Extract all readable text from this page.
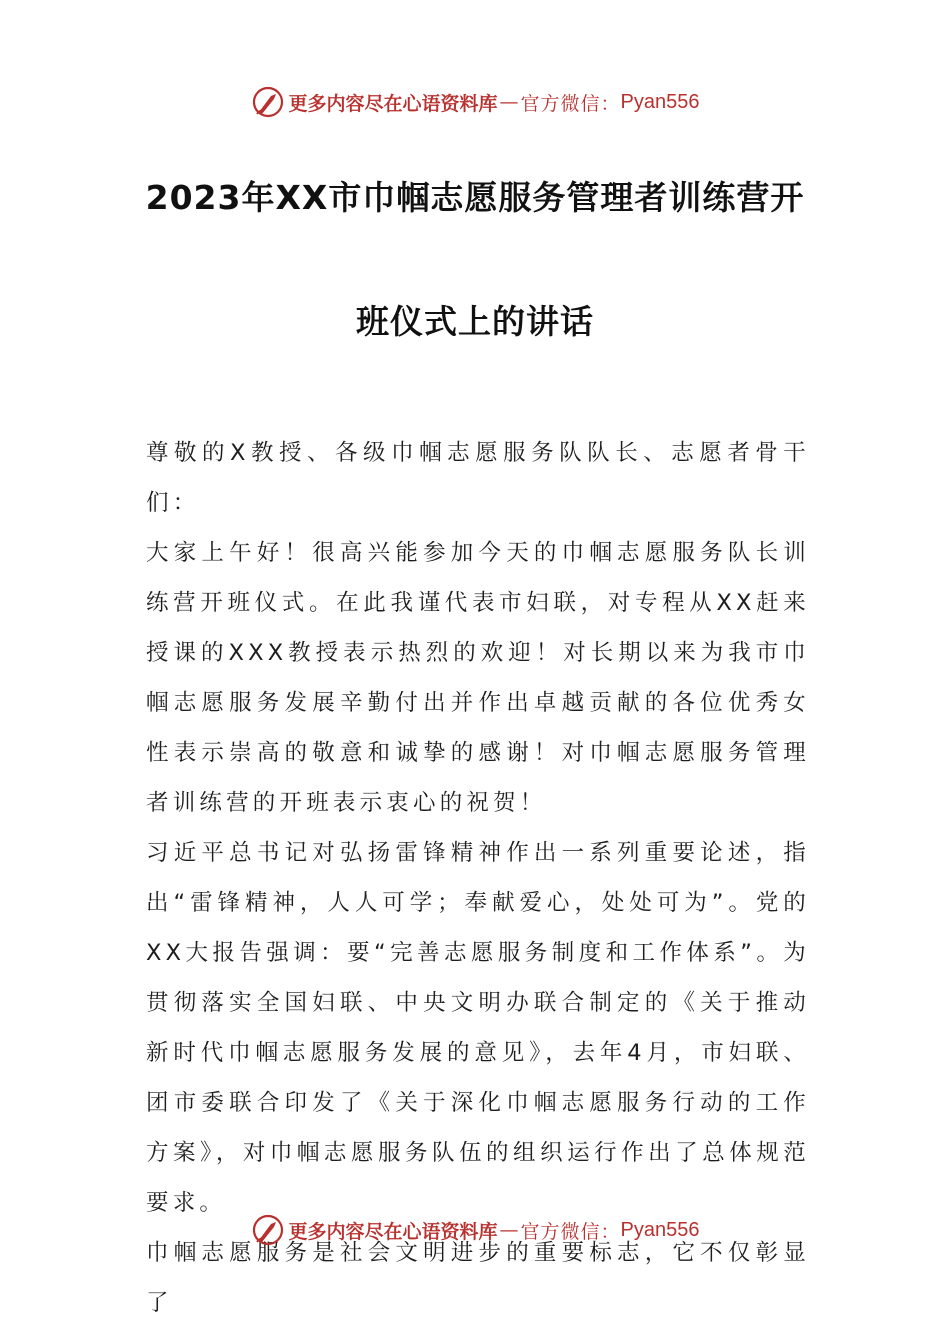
更多内容尽在心语资料库 — 官方微信： Pyan556
2023年XX市巾帼志愿服务管理者训练营开
班仪式上的讲话

尊敬的X教授、各级巾帼志愿服务队队长、志愿者骨干们：

大家上午好！很高兴能参加今天的巾帼志愿服务队长训练营开班仪式。在此我谨代表市妇联，对专程从XX赶来授课的XXX教授表示热烈的欢迎！对长期以来为我市巾帼志愿服务发展辛勤付出并作出卓越贡献的各位优秀女性表示崇高的敬意和诚挚的感谢！对巾帼志愿服务管理者训练营的开班表示衷心的祝贺！

习近平总书记对弘扬雷锋精神作出一系列重要论述，指出“雷锋精神，人人可学；奉献爱心，处处可为”。党的XX大报告强调：要“完善志愿服务制度和工作体系”。为贯彻落实全国妇联、中央文明办联合制定的《关于推动新时代巾帼志愿服务发展的意见》，去年4月，市妇联、团市委联合印发了《关于深化巾帼志愿服务行动的工作方案》，对巾帼志愿服务队伍的组织运行作出了总体规范要求。

巾帼志愿服务是社会文明进步的重要标志，它不仅彰显了

更多内容尽在心语资料库 — 官方微信： Pyan556
